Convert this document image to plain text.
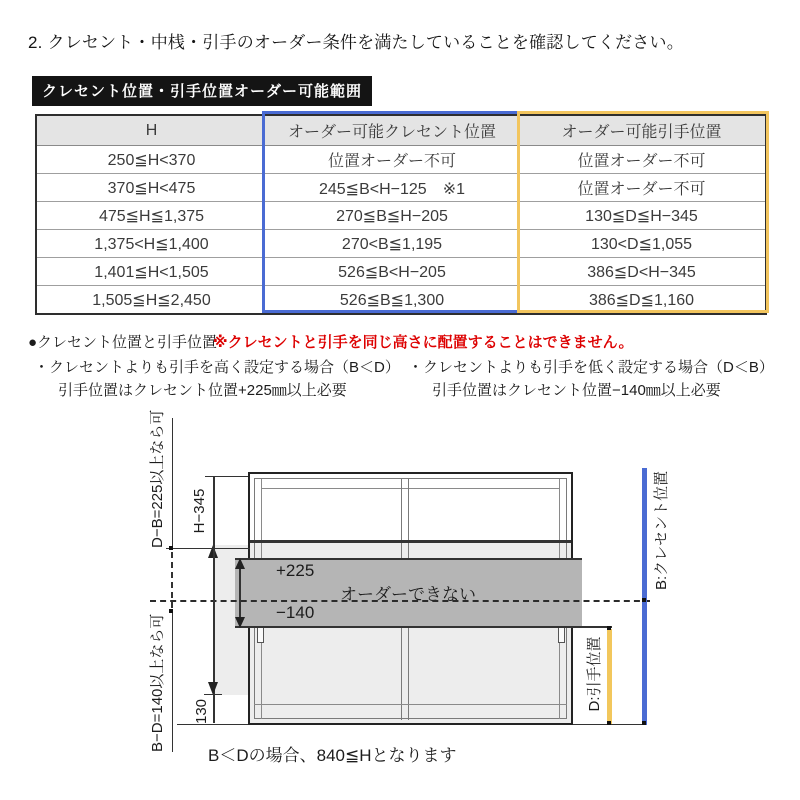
2. クレセント・中桟・引手のオーダー条件を満たしていることを確認してください。
クレセント位置・引手位置オーダー可能範囲
H	オーダー可能クレセント位置	オーダー可能引手位置
250≦H<370	位置オーダー不可	位置オーダー不可
370≦H<475	245≦B<H−125　※1	位置オーダー不可
475≦H≦1,375	270≦B≦H−205	130≦D≦H−345
1,375<H≦1,400	270<B≦1,195	130<D≦1,055
1,401≦H<1,505	526≦B<H−205	386≦D<H−345
1,505≦H≦2,450	526≦B≦1,300	386≦D≦1,160
●クレセント位置と引手位置
※クレセントと引手を同じ高さに配置することはできません。
・クレセントよりも引手を高く設定する場合（B＜D） ・クレセントよりも引手を低く設定する場合（D＜B）
引手位置はクレセント位置+225㎜以上必要	引手位置はクレセント位置−140㎜以上必要
+225
−140
オーダーできない
H−345
130
D−B=225以上なら可
B−D=140以上なら可
B:クレセント位置
D:引手位置
B＜Dの場合、840≦Hとなります
